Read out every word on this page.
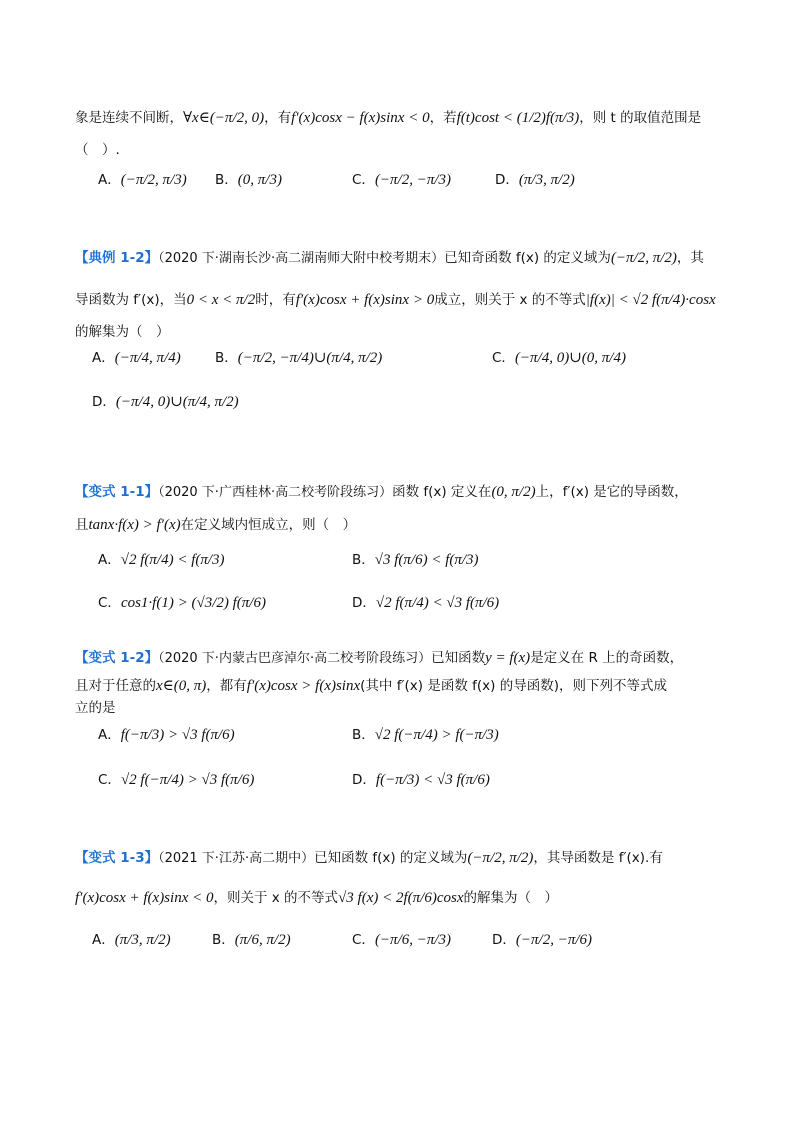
象是连续不间断，∀x∈(−π/2, 0)，有f′(x)cosx − f(x)sinx < 0，若f(t)cost < (1/2)f(π/3)，则 t 的取值范围是
（　）.
A．(−π/2, π/3) B．(0, π/3)	C．(−π/2, −π/3)	D．(π/3, π/2)
【典例 1-2】（2020 下·湖南长沙·高二湖南师大附中校考期末）已知奇函数 f(x) 的定义域为(−π/2, π/2)，其
导函数为 f′(x)，当0 < x < π/2时，有f′(x)cosx + f(x)sinx > 0成立，则关于 x 的不等式|f(x)| < √2 f(π/4)·cosx
的解集为（　）
A．(−π/4, π/4)	B．(−π/2, −π/4)∪(π/4, π/2)	C．(−π/4, 0)∪(0, π/4)
D．(−π/4, 0)∪(π/4, π/2)
【变式 1-1】（2020 下·广西桂林·高二校考阶段练习）函数 f(x) 定义在(0, π/2)上，f′(x) 是它的导函数，
且tanx·f(x) > f′(x)在定义域内恒成立，则（　）
A．√2 f(π/4) < f(π/3)	B．√3 f(π/6) < f(π/3)
C．cos1·f(1) > (√3/2) f(π/6)	D．√2 f(π/4) < √3 f(π/6)
【变式 1-2】（2020 下·内蒙古巴彦淖尔·高二校考阶段练习）已知函数y = f(x)是定义在 R 上的奇函数，
且对于任意的x∈(0, π)，都有f′(x)cosx > f(x)sinx(其中 f′(x) 是函数 f(x) 的导函数)，则下列不等式成
立的是
A．f(−π/3) > √3 f(π/6)	B．√2 f(−π/4) > f(−π/3)
C．√2 f(−π/4) > √3 f(π/6)	D．f(−π/3) < √3 f(π/6)
【变式 1-3】（2021 下·江苏·高二期中）已知函数 f(x) 的定义域为(−π/2, π/2)，其导函数是 f′(x).有
f′(x)cosx + f(x)sinx < 0，则关于 x 的不等式√3 f(x) < 2f(π/6)cosx的解集为（　）
A．(π/3, π/2)	B．(π/6, π/2)	C．(−π/6, −π/3)	D．(−π/2, −π/6)
